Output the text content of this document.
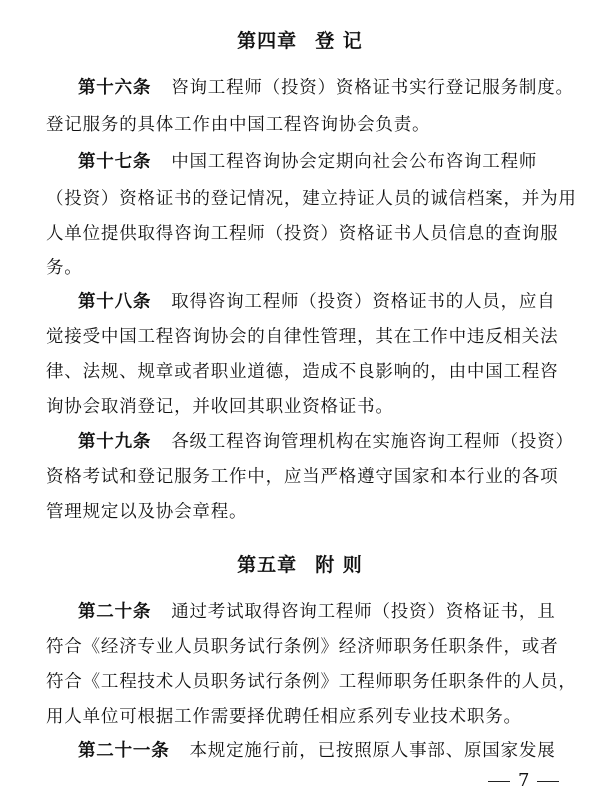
第四章 登 记
第十六条 咨询工程师（投资）资格证书实行登记服务制度。
登记服务的具体工作由中国工程咨询协会负责。
第十七条 中国工程咨询协会定期向社会公布咨询工程师
（投资）资格证书的登记情况，建立持证人员的诚信档案，并为用
人单位提供取得咨询工程师（投资）资格证书人员信息的查询服
务。
第十八条 取得咨询工程师（投资）资格证书的人员，应自
觉接受中国工程咨询协会的自律性管理，其在工作中违反相关法
律、法规、规章或者职业道德，造成不良影响的，由中国工程咨
询协会取消登记，并收回其职业资格证书。
第十九条 各级工程咨询管理机构在实施咨询工程师（投资）
资格考试和登记服务工作中，应当严格遵守国家和本行业的各项
管理规定以及协会章程。
第五章 附 则
第二十条 通过考试取得咨询工程师（投资）资格证书，且
符合《经济专业人员职务试行条例》经济师职务任职条件，或者
符合《工程技术人员职务试行条例》工程师职务任职条件的人员，
用人单位可根据工作需要择优聘任相应系列专业技术职务。
第二十一条 本规定施行前，已按照原人事部、原国家发展
7
